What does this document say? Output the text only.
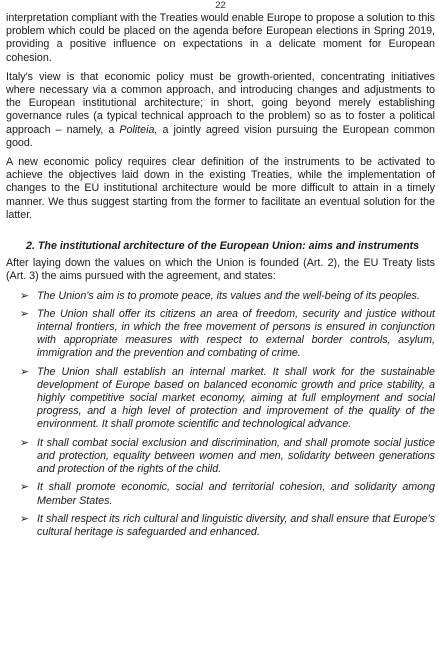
22

interpretation compliant with the Treaties would enable Europe to propose a solution to this problem which could be placed on the agenda before European elections in Spring 2019, providing a positive influence on expectations in a delicate moment for European cohesion.

Italy's view is that economic policy must be growth-oriented, concentrating initiatives where necessary via a common approach, and introducing changes and adjustments to the European institutional architecture; in short, going beyond merely establishing governance rules (a typical technical approach to the problem) so as to foster a political approach – namely, a Politeia, a jointly agreed vision pursuing the European common good.

A new economic policy requires clear definition of the instruments to be activated to achieve the objectives laid down in the existing Treaties, while the implementation of changes to the EU institutional architecture would be more difficult to attain in a timely manner. We thus suggest starting from the former to facilitate an eventual solution for the latter.

2. The institutional architecture of the European Union: aims and instruments

After laying down the values on which the Union is founded (Art. 2), the EU Treaty lists (Art. 3) the aims pursued with the agreement, and states:

➢ The Union's aim is to promote peace, its values and the well-being of its peoples.
➢ The Union shall offer its citizens an area of freedom, security and justice without internal frontiers, in which the free movement of persons is ensured in conjunction with appropriate measures with respect to external border controls, asylum, immigration and the prevention and combating of crime.
➢ The Union shall establish an internal market. It shall work for the sustainable development of Europe based on balanced economic growth and price stability, a highly competitive social market economy, aiming at full employment and social progress, and a high level of protection and improvement of the quality of the environment. It shall promote scientific and technological advance.
➢ It shall combat social exclusion and discrimination, and shall promote social justice and protection, equality between women and men, solidarity between generations and protection of the rights of the child.
➢ It shall promote economic, social and territorial cohesion, and solidarity among Member States.
➢ It shall respect its rich cultural and linguistic diversity, and shall ensure that Europe's cultural heritage is safeguarded and enhanced.
